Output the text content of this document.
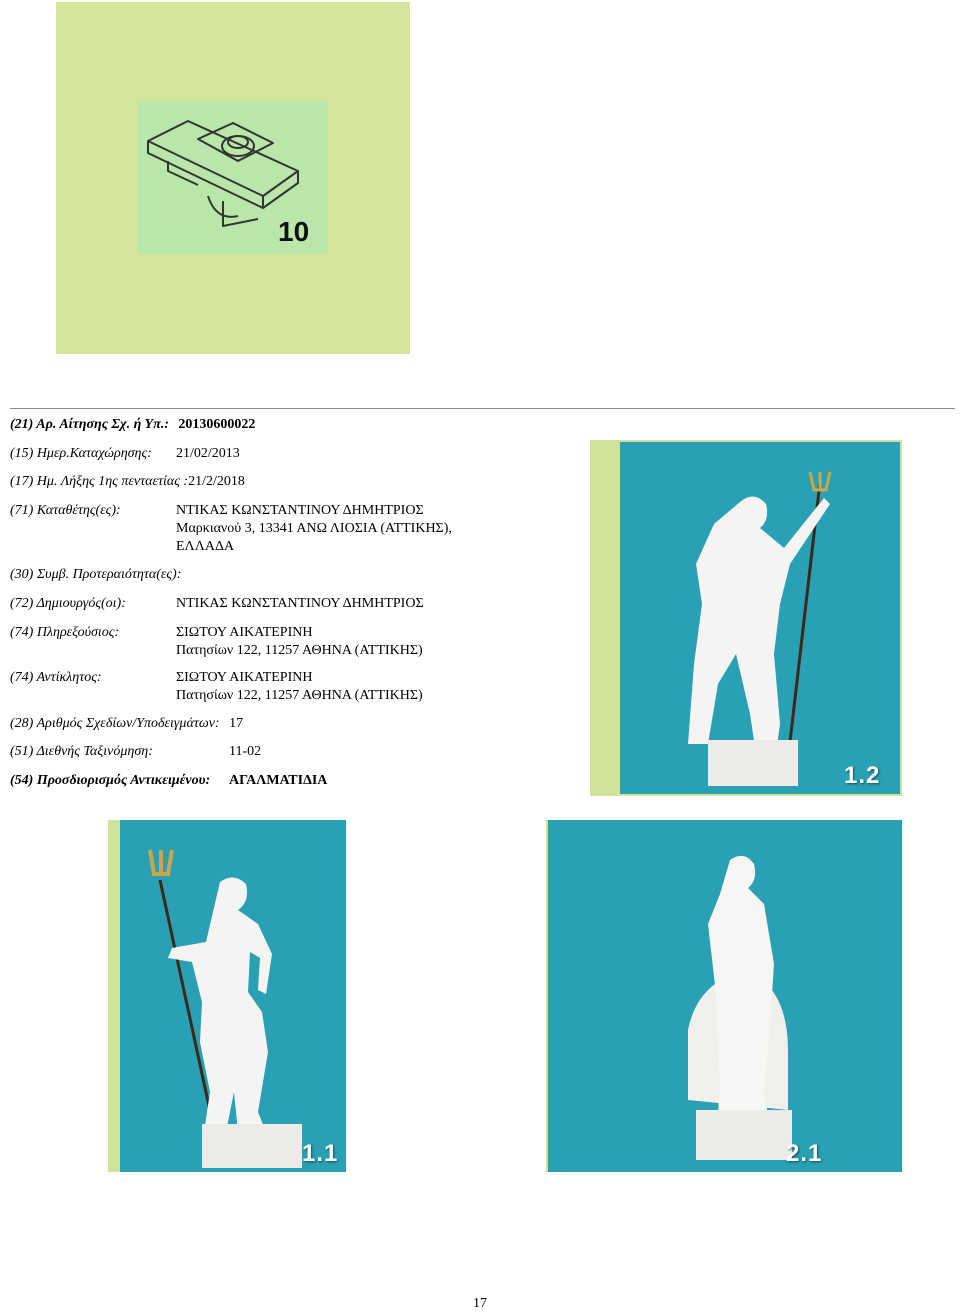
10
(21) Αρ. Αίτησης Σχ. ή Υπ.: 20130600022
(15) Ημερ.Καταχώρησης: 21/02/2013
(17) Ημ. Λήξης 1ης πενταετίας :21/2/2018
(71) Καταθέτης(ες):	ΝΤΙΚΑΣ ΚΩΝΣΤΑΝΤΙΝΟΥ ΔΗΜΗΤΡΙΟΣ
Μαρκιανού 3, 13341 ΑΝΩ ΛΙΟΣΙΑ (ΑΤΤΙΚΗΣ),
ΕΛΛΑΔΑ
(30) Συμβ. Προτεραιότητα(ες):
(72) Δημιουργός(οι):	ΝΤΙΚΑΣ ΚΩΝΣΤΑΝΤΙΝΟΥ ΔΗΜΗΤΡΙΟΣ
(74) Πληρεξούσιος:	ΣΙΩΤΟΥ ΑΙΚΑΤΕΡΙΝΗ
Πατησίων 122, 11257 ΑΘΗΝΑ (ΑΤΤΙΚΗΣ)
(74) Αντίκλητος:	ΣΙΩΤΟΥ ΑΙΚΑΤΕΡΙΝΗ
Πατησίων 122, 11257 ΑΘΗΝΑ (ΑΤΤΙΚΗΣ)
(28) Αριθμός Σχεδίων/Υποδειγμάτων: 17
(51) Διεθνής Ταξινόμηση:	11-02
(54) Προσδιορισμός Αντικειμένου: ΑΓΑΛΜΑΤΙΔΙΑ	1.2
1.1	2.1
17
